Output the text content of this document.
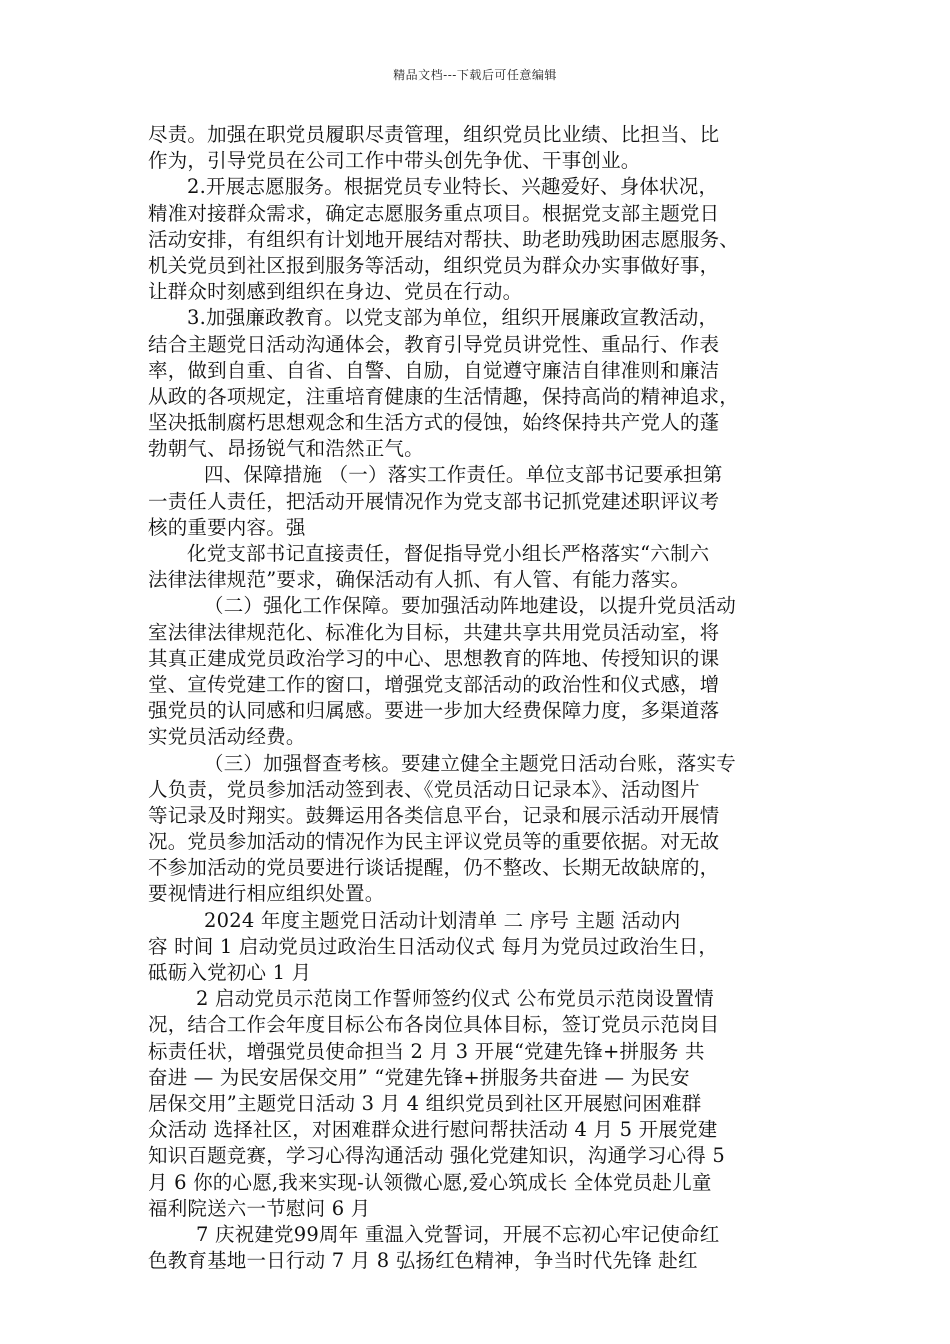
精品文档---下载后可任意编辑
尽责。加强在职党员履职尽责管理，组织党员比业绩、比担当、比
作为，引导党员在公司工作中带头创先争优、干事创业。
2.开展志愿服务。根据党员专业特长、兴趣爱好、身体状况，
精准对接群众需求，确定志愿服务重点项目。根据党支部主题党日
活动安排，有组织有计划地开展结对帮扶、助老助残助困志愿服务、
机关党员到社区报到服务等活动，组织党员为群众办实事做好事，
让群众时刻感到组织在身边、党员在行动。
3.加强廉政教育。以党支部为单位，组织开展廉政宣教活动，
结合主题党日活动沟通体会，教育引导党员讲党性、重品行、作表
率，做到自重、自省、自警、自励，自觉遵守廉洁自律准则和廉洁
从政的各项规定，注重培育健康的生活情趣，保持高尚的精神追求，
坚决抵制腐朽思想观念和生活方式的侵蚀，始终保持共产党人的蓬
勃朝气、昂扬锐气和浩然正气。
四、保障措施 （一）落实工作责任。单位支部书记要承担第
一责任人责任，把活动开展情况作为党支部书记抓党建述职评议考
核的重要内容。强
化党支部书记直接责任，督促指导党小组长严格落实“六制六
法律法律规范”要求，确保活动有人抓、有人管、有能力落实。
（二）强化工作保障。要加强活动阵地建设，以提升党员活动
室法律法律规范化、标准化为目标，共建共享共用党员活动室，将
其真正建成党员政治学习的中心、思想教育的阵地、传授知识的课
堂、宣传党建工作的窗口，增强党支部活动的政治性和仪式感，增
强党员的认同感和归属感。要进一步加大经费保障力度，多渠道落
实党员活动经费。
（三）加强督查考核。要建立健全主题党日活动台账，落实专
人负责，党员参加活动签到表、《党员活动日记录本》、活动图片
等记录及时翔实。鼓舞运用各类信息平台，记录和展示活动开展情
况。党员参加活动的情况作为民主评议党员等的重要依据。对无故
不参加活动的党员要进行谈话提醒，仍不整改、长期无故缺席的，
要视情进行相应组织处置。
2024 年度主题党日活动计划清单 二 序号 主题 活动内
容 时间 1 启动党员过政治生日活动仪式 每月为党员过政治生日，
砥砺入党初心 1 月
2 启动党员示范岗工作誓师签约仪式 公布党员示范岗设置情
况，结合工作会年度目标公布各岗位具体目标，签订党员示范岗目
标责任状，增强党员使命担当 2 月 3 开展“党建先锋+拼服务 共
奋进 — 为民安居保交用” “党建先锋+拼服务共奋进 — 为民安
居保交用”主题党日活动 3 月 4 组织党员到社区开展慰问困难群
众活动 选择社区，对困难群众进行慰问帮扶活动 4 月 5 开展党建
知识百题竞赛，学习心得沟通活动 强化党建知识，沟通学习心得 5
月 6 你的心愿,我来实现-认领微心愿,爱心筑成长 全体党员赴儿童
福利院送六一节慰问 6 月
7 庆祝建党99周年 重温入党誓词，开展不忘初心牢记使命红
色教育基地一日行动 7 月 8 弘扬红色精神，争当时代先锋 赴红
